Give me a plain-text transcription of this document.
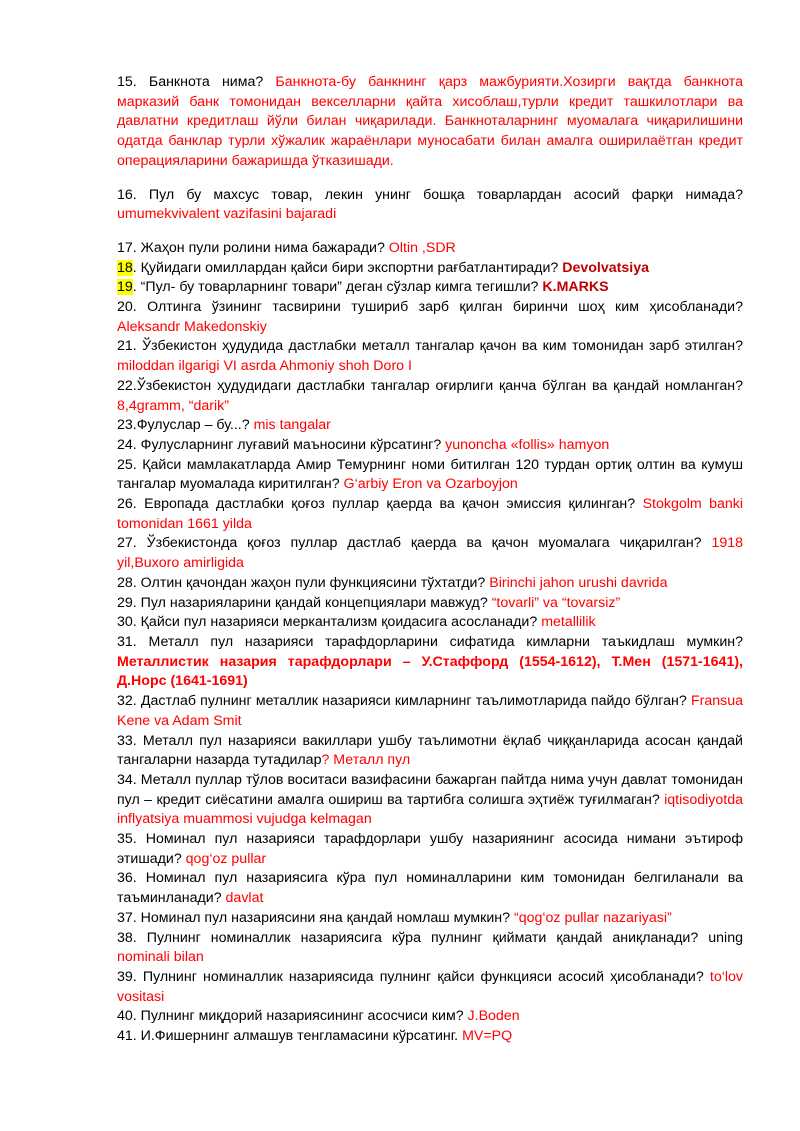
15. Банкнота нима? Банкнота-бу банкнинг қарз мажбурияти.Хозирги вақтда банкнота марказий банк томонидан вeкселларни қайта хисоблаш,турли кредит ташкилотлари ва давлатни кредитлаш йўли билан чиқарилади. Банкноталарнинг муомалага чиқарилишини одатда банклар турли хўжалик жараёнлари муносабати билан амалга оширилаётган кредит операцияларини бажаришда ўтказишади.

16. Пул бу махсус товар, лекин унинг бошқа товарлардан асосий фарқи нимада? umumekvivalent vazifasini bajaradi

17. Жаҳон пули ролини нима бажаради? Oltin ,SDR

18. Қуйидаги омиллардан қайси бири экспортни рағбатлантиради? Devolvatsiya

19. “Пул- бу товарларнинг товари” деган сўзлар кимга тегишли? K.MARKS

20. Олтинга ўзининг тасвирини тушириб зарб қилган биринчи шоҳ ким ҳисобланади? Aleksandr Makedonskiy

21. Ўзбекистон ҳудудида дастлабки металл тангалар қачон ва ким томонидан зарб этилган? miloddan ilgarigi VI asrda Ahmoniy shoh Doro I

22.Ўзбекистон ҳудудидаги дастлабки тангалар оғирлиги қанча бўлган ва қандай номланган? 8,4gramm, “darik”

23.Фулуслар – бу...? mis tangalar

24. Фулусларнинг луғавий маъносини кўрсатинг? yunoncha «follis» hamyon

25. Қайси мамлакатларда Амир Темурнинг номи битилган 120 турдан ортиқ олтин ва кумуш тангалар муомалада киритилган? G‘arbiy Eron va Ozarboyjon

26. Европада дастлабки қоғоз пуллар қаерда ва қачон эмиссия қилинган? Stokgolm banki tomonidan 1661 yilda

27. Ўзбекистонда қоғоз пуллар дастлаб қаерда ва қачон муомалага чиқарилган? 1918 yil,Buxoro amirligida

28. Олтин қачондан жаҳон пули функциясини тўхтатди? Birinchi jahon urushi davrida

29. Пул назарияларини қандай концепциялари мавжуд? “tovarli” va “tovarsiz”

30. Қайси пул назарияси меркантализм қоидасига асосланади? metallilik

31. Металл пул назарияси тарафдорларини сифатида кимларни таъкидлаш мумкин? Металлистик назария тарафдорлари – У.Стаффорд (1554-1612), Т.Мен (1571-1641), Д.Норс (1641-1691)

32. Дастлаб пулнинг металлик назарияси кимларнинг таълимотларида пайдо бўлган? Fransua Kene va Adam Smit

33. Металл пул назарияси вакиллари ушбу таълимотни ёқлаб чиққанларида асосан қандай тангаларни назарда тутадилар? Металл пул

34. Металл пуллар тўлов воситаси вазифасини бажарган пайтда нима учун давлат томонидан пул – кредит сиёсатини амалга ошириш ва тартибга солишга эҳтиёж туғилмаган? iqtisodiyotda inflyatsiya muammosi vujudga kelmagan

35. Номинал пул назарияси тарафдорлари ушбу назариянинг асосида нимани эътироф этишади? qog‘oz pullar

36. Номинал пул назариясига кўра пул номиналларини ким томонидан белгиланали ва таъминланади? davlat

37. Номинал пул назариясини яна қандай номлаш мумкин? “qog‘oz pullar nazariyasi”

38. Пулнинг номиналлик назариясига кўра пулнинг қиймати қандай аниқланади? uning nominali bilan

39. Пулнинг номиналлик назариясида пулнинг қайси функцияси асосий ҳисобланади? to‘lov vositasi

40. Пулнинг миқдорий назариясининг асосчиси ким? J.Boden

41. И.Фишернинг алмашув тенгламасини кўрсатинг. MV=PQ
